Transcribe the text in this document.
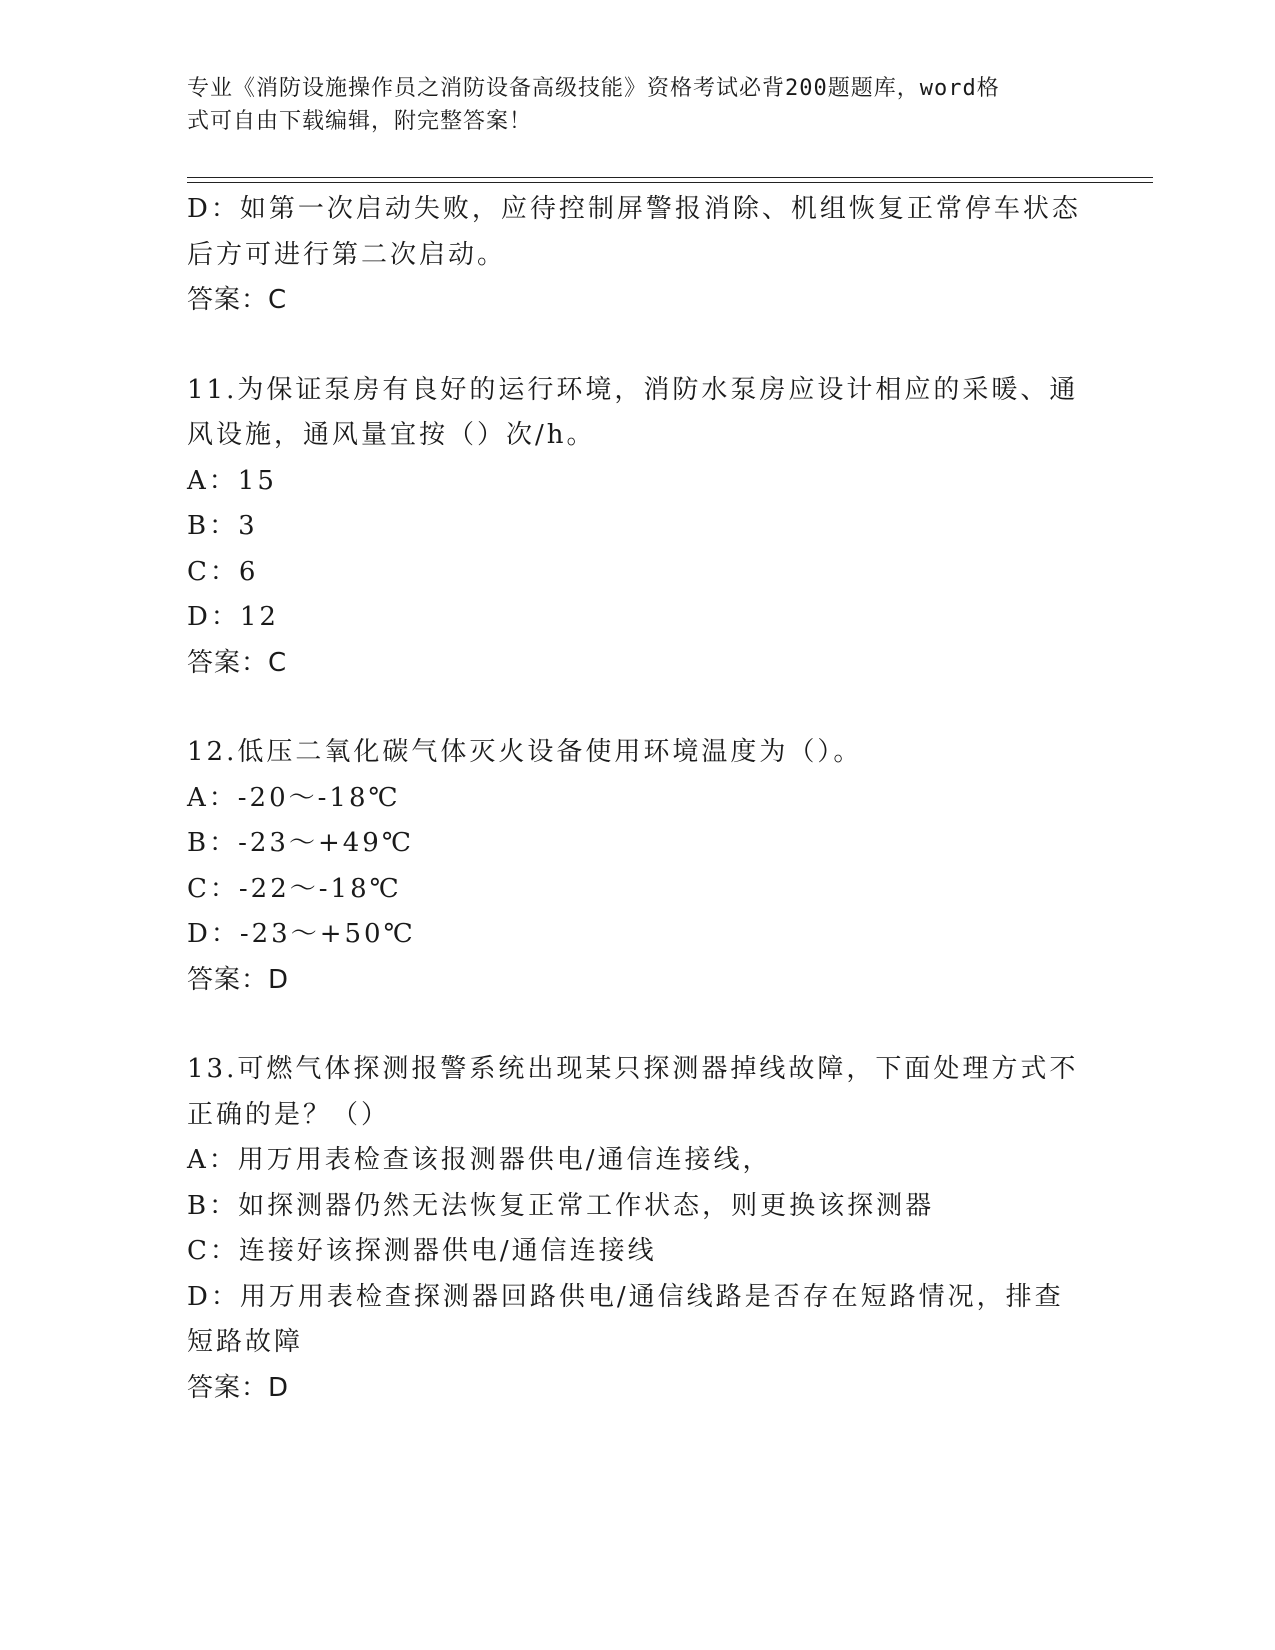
专业《消防设施操作员之消防设备高级技能》资格考试必背200题题库，word格
式可自由下载编辑，附完整答案！
D：如第一次启动失败，应待控制屏警报消除、机组恢复正常停车状态
后方可进行第二次启动。
答案：C
11.为保证泵房有良好的运行环境，消防水泵房应设计相应的采暖、通
风设施，通风量宜按（）次/h。
A：15
B：3
C：6
D：12
答案：C
12.低压二氧化碳气体灭火设备使用环境温度为（）。
A：-20～-18℃
B：-23～+49℃
C：-22～-18℃
D：-23～+50℃
答案：D
13.可燃气体探测报警系统出现某只探测器掉线故障，下面处理方式不
正确的是？（）
A：用万用表检查该报测器供电/通信连接线，
B：如探测器仍然无法恢复正常工作状态，则更换该探测器
C：连接好该探测器供电/通信连接线
D：用万用表检查探测器回路供电/通信线路是否存在短路情况，排查
短路故障
答案：D
